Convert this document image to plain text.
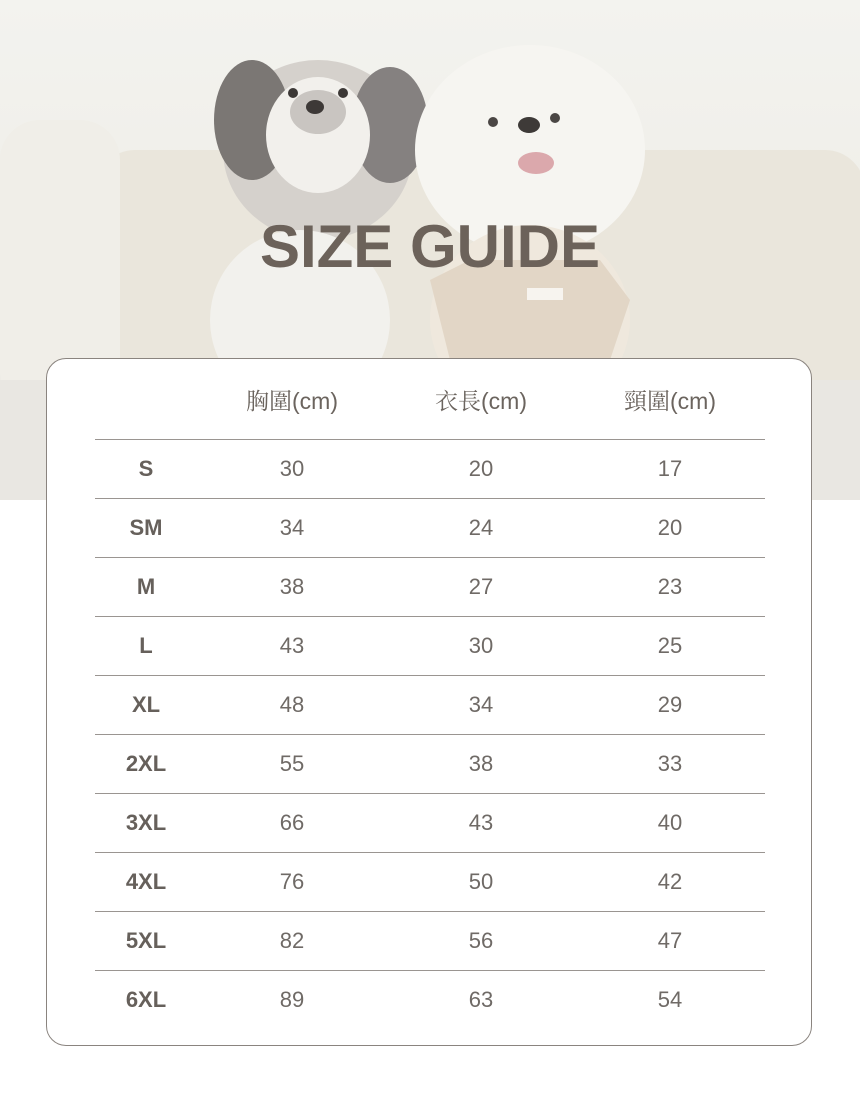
SIZE GUIDE
	胸圍(cm)	衣長(cm)	頸圍(cm)
S	30	20	17
SM	34	24	20
M	38	27	23
L	43	30	25
XL	48	34	29
2XL	55	38	33
3XL	66	43	40
4XL	76	50	42
5XL	82	56	47
6XL	89	63	54
